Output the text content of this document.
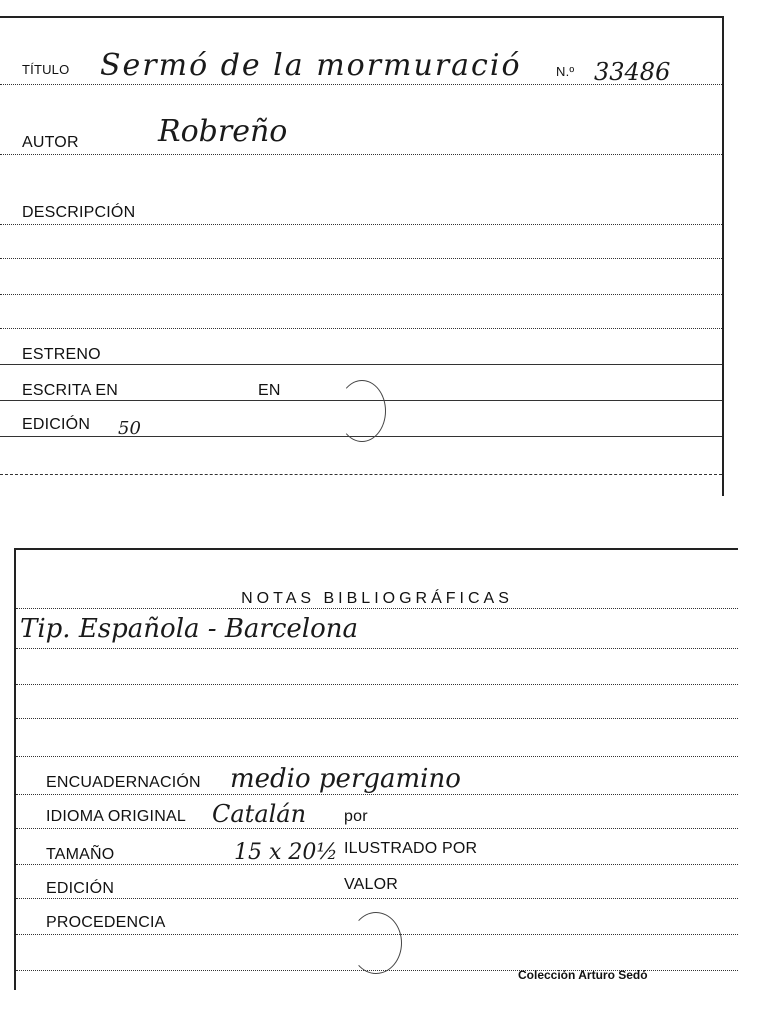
TÍTULO Sermó de la mormuració	N.º 33486
AUTOR	Robreño
DESCRIPCIÓN
ESTRENO
ESCRITA EN	EN
EDICIÓN 50
NOTAS BIBLIOGRÁFICAS
Tip. Española - Barcelona
ENCUADERNACIÓN medio pergamino
IDIOMA ORIGINAL Catalán por
TAMAÑO	15 x 20½ ILUSTRADO POR
EDICIÓN	VALOR
PROCEDENCIA
Colección Arturo Sedó
